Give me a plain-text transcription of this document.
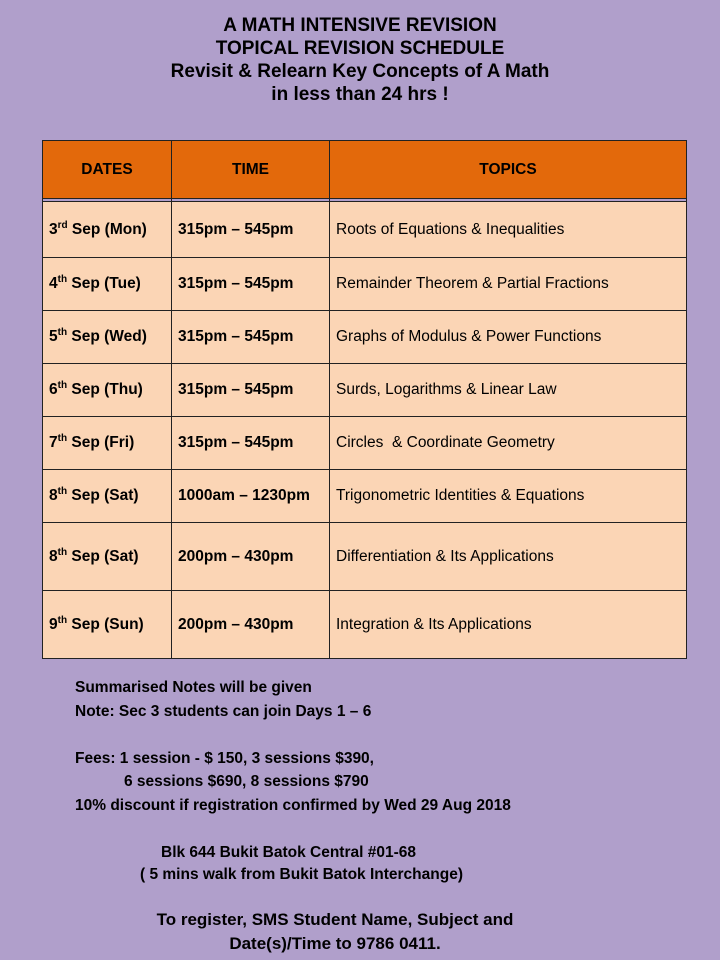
A MATH INTENSIVE REVISION
TOPICAL REVISION SCHEDULE
Revisit & Relearn Key Concepts of A Math
in less than 24 hrs !
DATES	TIME	TOPICS

3rd Sep (Mon)	315pm – 545pm	Roots of Equations & Inequalities
4th Sep (Tue)	315pm – 545pm	Remainder Theorem & Partial Fractions
5th Sep (Wed)	315pm – 545pm	Graphs of Modulus & Power Functions
6th Sep (Thu)	315pm – 545pm	Surds, Logarithms & Linear Law
7th Sep (Fri)	315pm – 545pm	Circles  & Coordinate Geometry
8th Sep (Sat)	1000am – 1230pm	Trigonometric Identities & Equations
8th Sep (Sat)	200pm – 430pm	Differentiation & Its Applications
9th Sep (Sun)	200pm – 430pm	Integration & Its Applications
Summarised Notes will be given
Note: Sec 3 students can join Days 1 – 6
Fees: 1 session - $ 150, 3 sessions $390,
6 sessions $690, 8 sessions $790
10% discount if registration confirmed by Wed 29 Aug 2018
Blk 644 Bukit Batok Central #01-68
( 5 mins walk from Bukit Batok Interchange)
To register, SMS Student Name, Subject and
Date(s)/Time to 9786 0411.
